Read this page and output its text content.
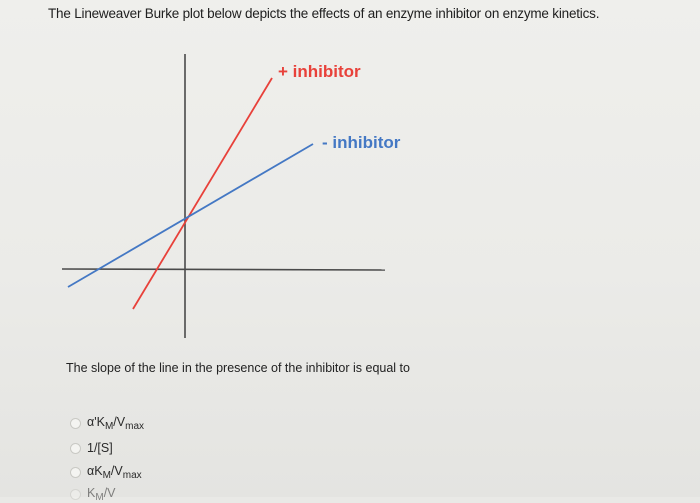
The Lineweaver Burke plot below depicts the effects of an enzyme inhibitor on enzyme kinetics.
+ inhibitor
- inhibitor
The slope of the line in the presence of the inhibitor is equal to
$\alpha'K_M/V_{max}$
1/[S]
$\alpha K_M/V_{max}$
$K_M/V$
